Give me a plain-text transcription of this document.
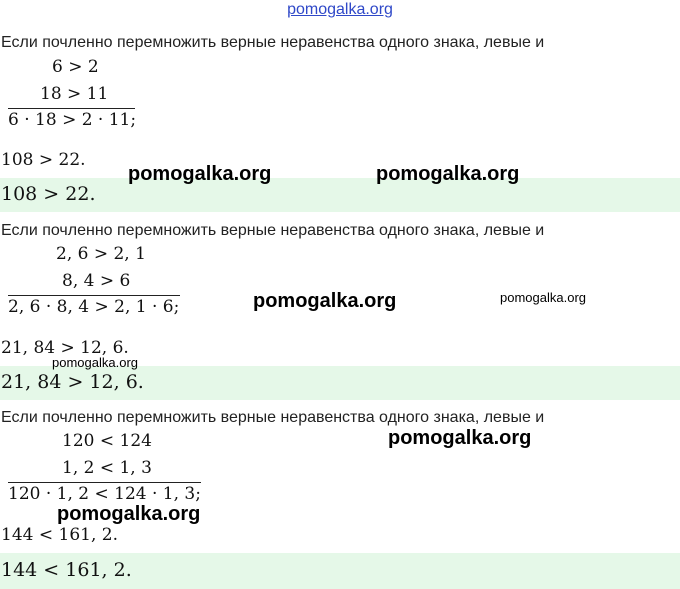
pomogalka.org
Если почленно перемножить верные неравенства одного знака, левые и
6 > 2
18 > 11
6 · 18 > 2 · 11;
108 > 22.
108 > 22.
Если почленно перемножить верные неравенства одного знака, левые и
2, 6 > 2, 1
8, 4 > 6
2, 6 · 8, 4 > 2, 1 · 6;
21, 84 > 12, 6.
21, 84 > 12, 6.
Если почленно перемножить верные неравенства одного знака, левые и
120 < 124
1, 2 < 1, 3
120 · 1, 2 < 124 · 1, 3;
144 < 161, 2.
144 < 161, 2.
pomogalka.org	pomogalka.org
pomogalka.org	pomogalka.org
pomogalka.org
pomogalka.org
pomogalka.org
